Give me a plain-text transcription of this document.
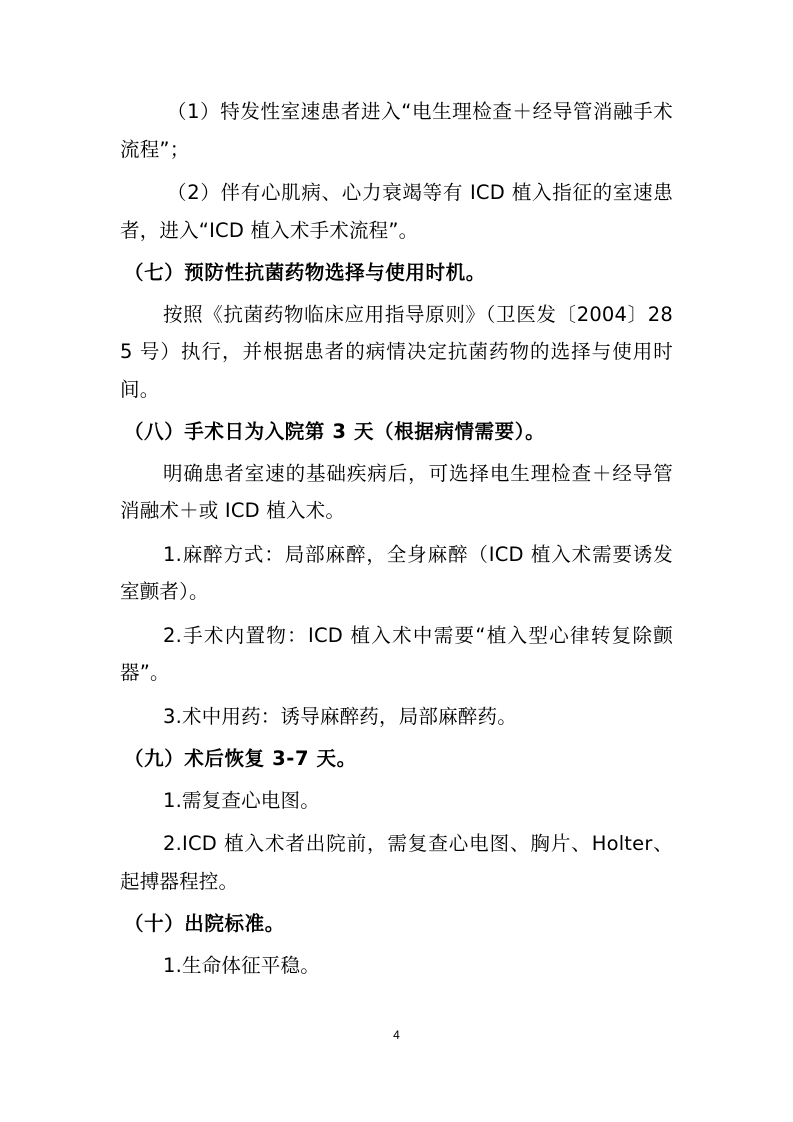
（1）特发性室速患者进入“电生理检查＋经导管消融手术流程”；

（2）伴有心肌病、心力衰竭等有 ICD 植入指征的室速患者，进入“ICD 植入术手术流程”。

（七）预防性抗菌药物选择与使用时机。

按照《抗菌药物临床应用指导原则》（卫医发〔2004〕285 号）执行，并根据患者的病情决定抗菌药物的选择与使用时间。

（八）手术日为入院第 3 天（根据病情需要）。

明确患者室速的基础疾病后，可选择电生理检查＋经导管消融术＋或 ICD 植入术。

1.麻醉方式：局部麻醉，全身麻醉（ICD 植入术需要诱发室颤者）。

2.手术内置物：ICD 植入术中需要“植入型心律转复除颤器”。

3.术中用药：诱导麻醉药，局部麻醉药。

（九）术后恢复 3-7 天。

1.需复查心电图。

2.ICD 植入术者出院前，需复查心电图、胸片、Holter、起搏器程控。

（十）出院标准。

1.生命体征平稳。

4
